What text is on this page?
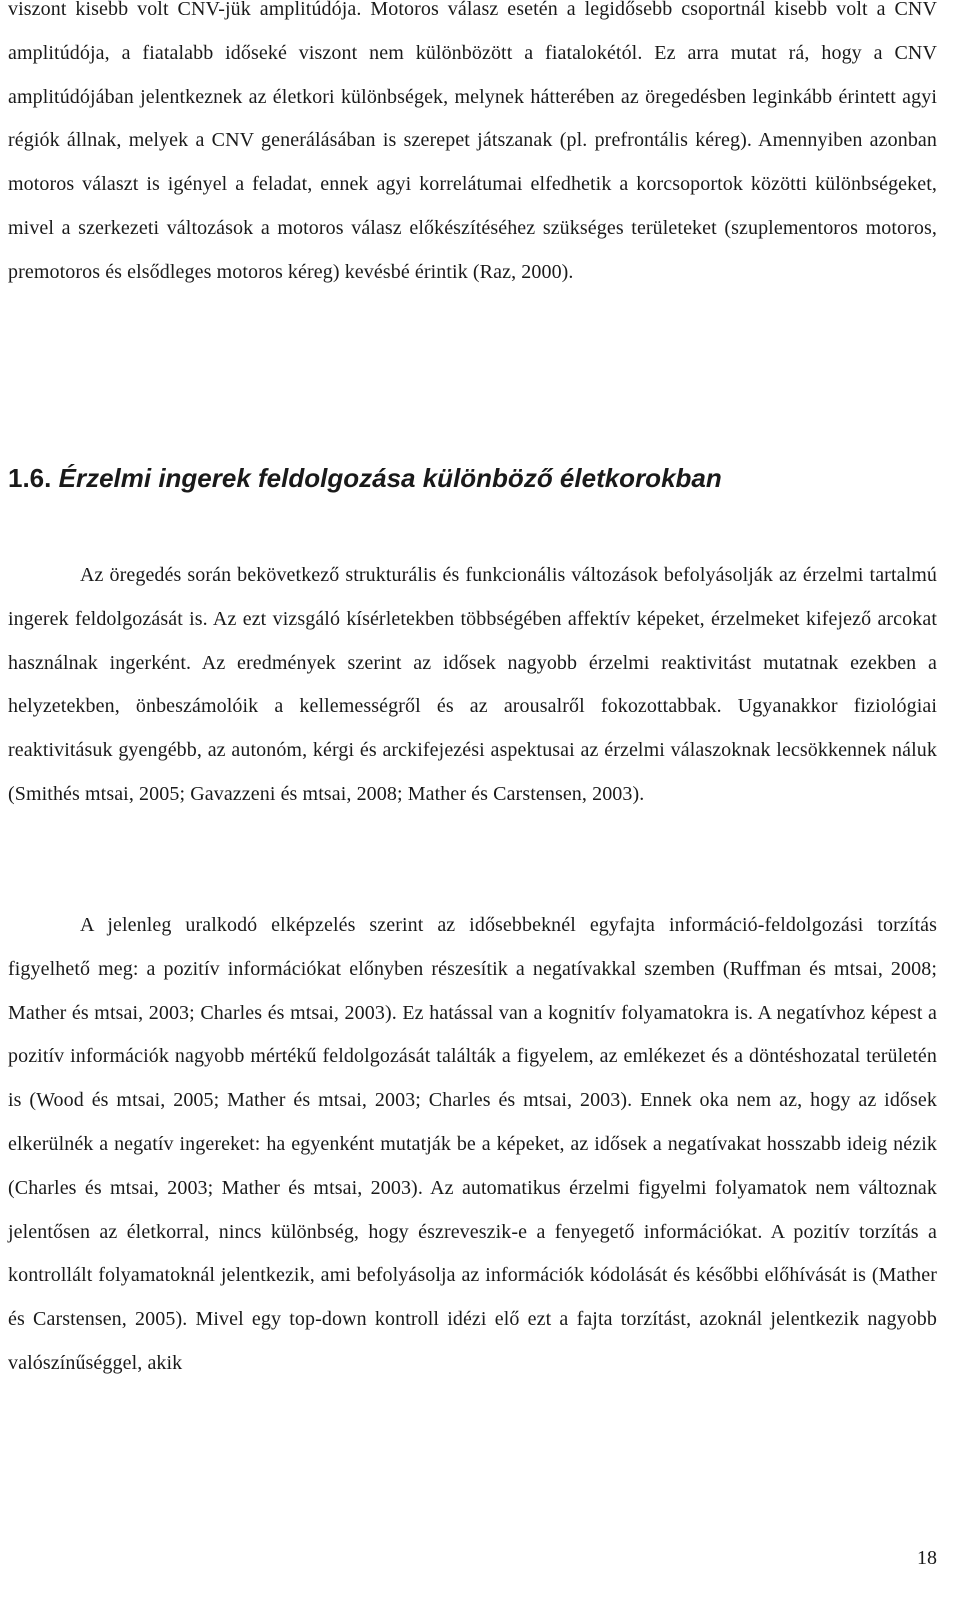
viszont kisebb volt CNV-jük amplitúdója. Motoros válasz esetén a legidősebb csoportnál kisebb volt a CNV amplitúdója, a fiatalabb időseké viszont nem különbözött a fiatalokétól. Ez arra mutat rá, hogy a CNV amplitúdójában jelentkeznek az életkori különbségek, melynek hátterében az öregedésben leginkább érintett agyi régiók állnak, melyek a CNV generálásában is szerepet játszanak (pl. prefrontális kéreg). Amennyiben azonban motoros választ is igényel a feladat, ennek agyi korrelátumai elfedhetik a korcsoportok közötti különbségeket, mivel a szerkezeti változások a motoros válasz előkészítéséhez szükséges területeket (szuplementoros motoros, premotoros és elsődleges motoros kéreg) kevésbé érintik (Raz, 2000).
1.6. Érzelmi ingerek feldolgozása különböző életkorokban
Az öregedés során bekövetkező strukturális és funkcionális változások befolyásolják az érzelmi tartalmú ingerek feldolgozását is. Az ezt vizsgáló kísérletekben többségében affektív képeket, érzelmeket kifejező arcokat használnak ingerként. Az eredmények szerint az idősek nagyobb érzelmi reaktivitást mutatnak ezekben a helyzetekben, önbeszámolóik a kellemességről és az arousalről fokozottabbak. Ugyanakkor fiziológiai reaktivitásuk gyengébb, az autonóm, kérgi és arckifejezési aspektusai az érzelmi válaszoknak lecsökkennek náluk (Smithés mtsai, 2005; Gavazzeni és mtsai, 2008; Mather és Carstensen, 2003).
A jelenleg uralkodó elképzelés szerint az idősebbeknél egyfajta információ-feldolgozási torzítás figyelhető meg: a pozitív információkat előnyben részesítik a negatívakkal szemben (Ruffman és mtsai, 2008; Mather és mtsai, 2003; Charles és mtsai, 2003). Ez hatással van a kognitív folyamatokra is. A negatívhoz képest a pozitív információk nagyobb mértékű feldolgozását találták a figyelem, az emlékezet és a döntéshozatal területén is (Wood és mtsai, 2005; Mather és mtsai, 2003; Charles és mtsai, 2003). Ennek oka nem az, hogy az idősek elkerülnék a negatív ingereket: ha egyenként mutatják be a képeket, az idősek a negatívakat hosszabb ideig nézik (Charles és mtsai, 2003; Mather és mtsai, 2003). Az automatikus érzelmi figyelmi folyamatok nem változnak jelentősen az életkorral, nincs különbség, hogy észreveszik-e a fenyegető információkat. A pozitív torzítás a kontrollált folyamatoknál jelentkezik, ami befolyásolja az információk kódolását és későbbi előhívását is (Mather és Carstensen, 2005). Mivel egy top-down kontroll idézi elő ezt a fajta torzítást, azoknál jelentkezik nagyobb valószínűséggel, akik
18
